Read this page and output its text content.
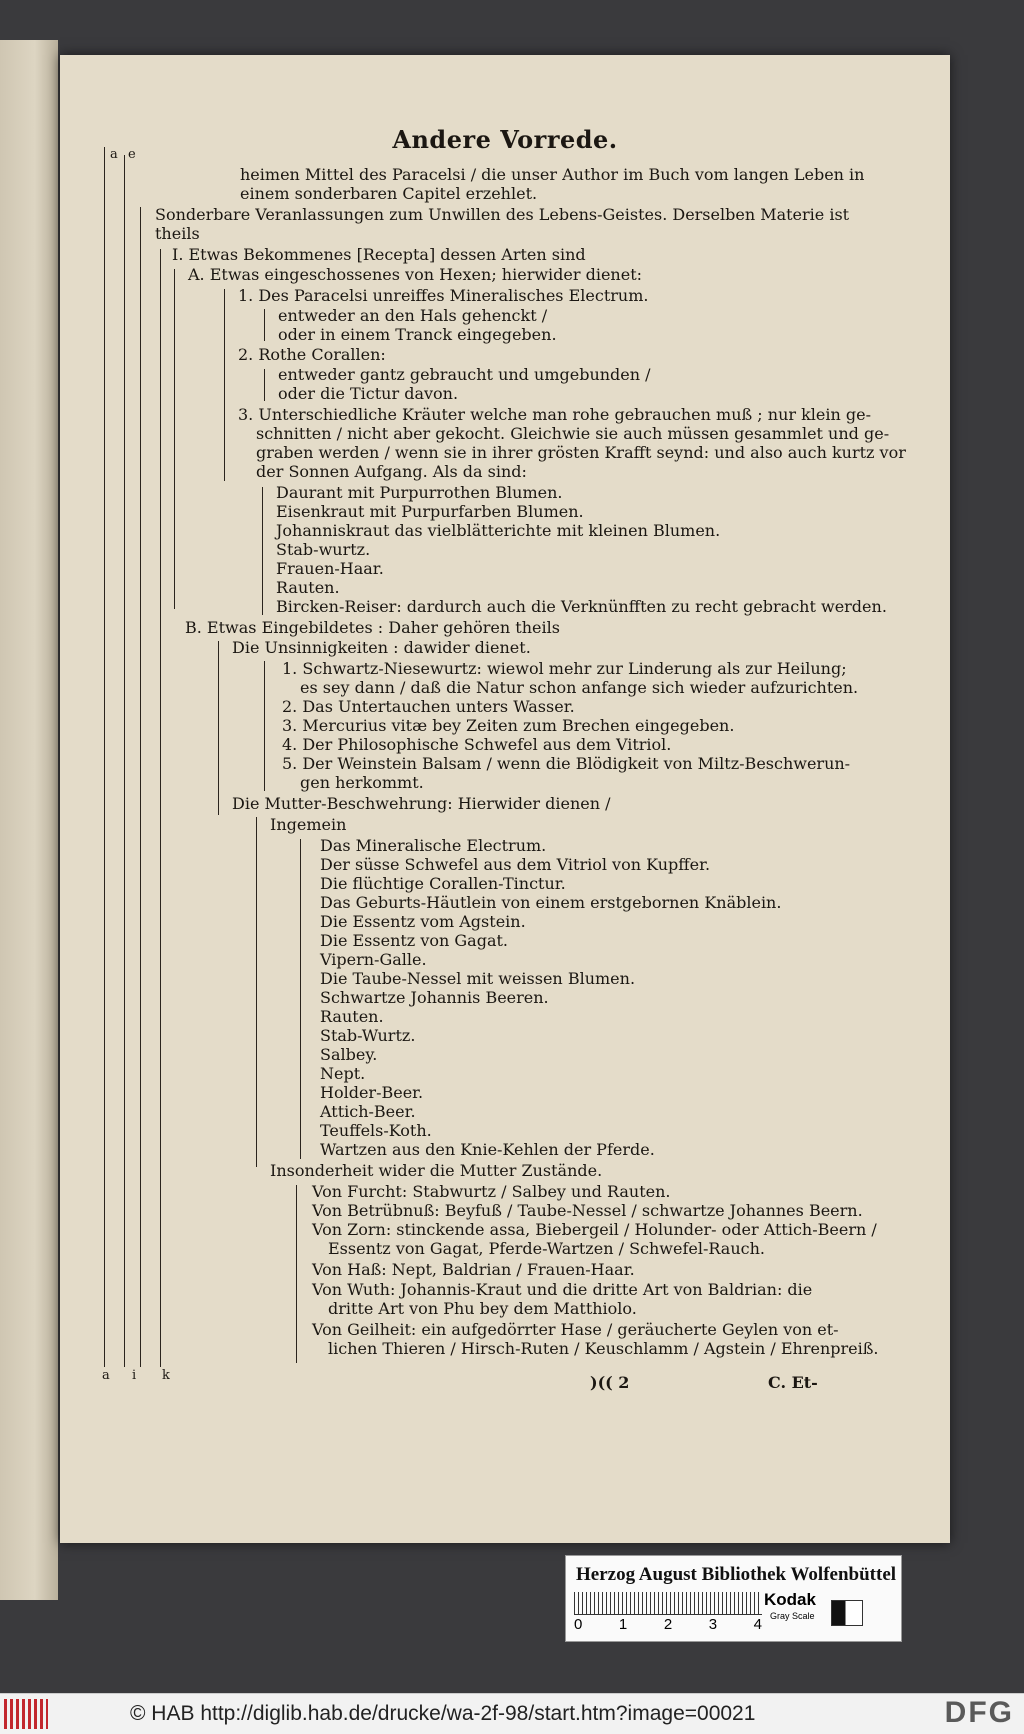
Andere Vorrede.
a e
a i k
heimen Mittel des Paracelsi / die unser Author im Buch vom langen Leben in
einem sonderbaren Capitel erzehlet.
Sonderbare Veranlassungen zum Unwillen des Lebens-Geistes. Derselben Materie ist
theils
I. Etwas Bekommenes [Recepta] dessen Arten sind
A. Etwas eingeschossenes von Hexen; hierwider dienet:
1. Des Paracelsi unreiffes Mineralisches Electrum.
entweder an den Hals gehenckt /
oder in einem Tranck eingegeben.
2. Rothe Corallen:
entweder gantz gebraucht und umgebunden /
oder die Tictur davon.
3. Unterschiedliche Kräuter welche man rohe gebrauchen muß ; nur klein ge-
schnitten / nicht aber gekocht. Gleichwie sie auch müssen gesammlet und ge-
graben werden / wenn sie in ihrer grösten Krafft seynd: und also auch kurtz vor
der Sonnen Aufgang. Als da sind:
Daurant mit Purpurrothen Blumen.
Eisenkraut mit Purpurfarben Blumen.
Johanniskraut das vielblätterichte mit kleinen Blumen.
Stab-wurtz.
Frauen-Haar.
Rauten.
Bircken-Reiser: dardurch auch die Verknünfften zu recht gebracht werden.
B. Etwas Eingebildetes : Daher gehören theils
Die Unsinnigkeiten : dawider dienet.
1. Schwartz-Niesewurtz: wiewol mehr zur Linderung als zur Heilung;
es sey dann / daß die Natur schon anfange sich wieder aufzurichten.
2. Das Untertauchen unters Wasser.
3. Mercurius vitæ bey Zeiten zum Brechen eingegeben.
4. Der Philosophische Schwefel aus dem Vitriol.
5. Der Weinstein Balsam / wenn die Blödigkeit von Miltz-Beschwerun-
gen herkommt.
Die Mutter-Beschwehrung: Hierwider dienen /
Ingemein
Das Mineralische Electrum.
Der süsse Schwefel aus dem Vitriol von Kupffer.
Die flüchtige Corallen-Tinctur.
Das Geburts-Häutlein von einem erstgebornen Knäblein.
Die Essentz vom Agstein.
Die Essentz von Gagat.
Vipern-Galle.
Die Taube-Nessel mit weissen Blumen.
Schwartze Johannis Beeren.
Rauten.
Stab-Wurtz.
Salbey.
Nept.
Holder-Beer.
Attich-Beer.
Teuffels-Koth.
Wartzen aus den Knie-Kehlen der Pferde.
Insonderheit wider die Mutter Zustände.
Von Furcht: Stabwurtz / Salbey und Rauten.
Von Betrübnuß: Beyfuß / Taube-Nessel / schwartze Johannes Beern.
Von Zorn: stinckende assa, Biebergeil / Holunder- oder Attich-Beern /
Essentz von Gagat, Pferde-Wartzen / Schwefel-Rauch.
Von Haß: Nept, Baldrian / Frauen-Haar.
Von Wuth: Johannis-Kraut und die dritte Art von Baldrian: die
dritte Art von Phu bey dem Matthiolo.
Von Geilheit: ein aufgedörrter Hase / geräucherte Geylen von et-
lichen Thieren / Hirsch-Ruten / Keuschlamm / Agstein / Ehrenpreiß.
)(( 2	C. Et-
Herzog August Bibliothek Wolfenbüttel
0 1 2 3 4
Kodak
Gray Scale
© HAB http://diglib.hab.de/drucke/wa-2f-98/start.htm?image=00021	DFG
